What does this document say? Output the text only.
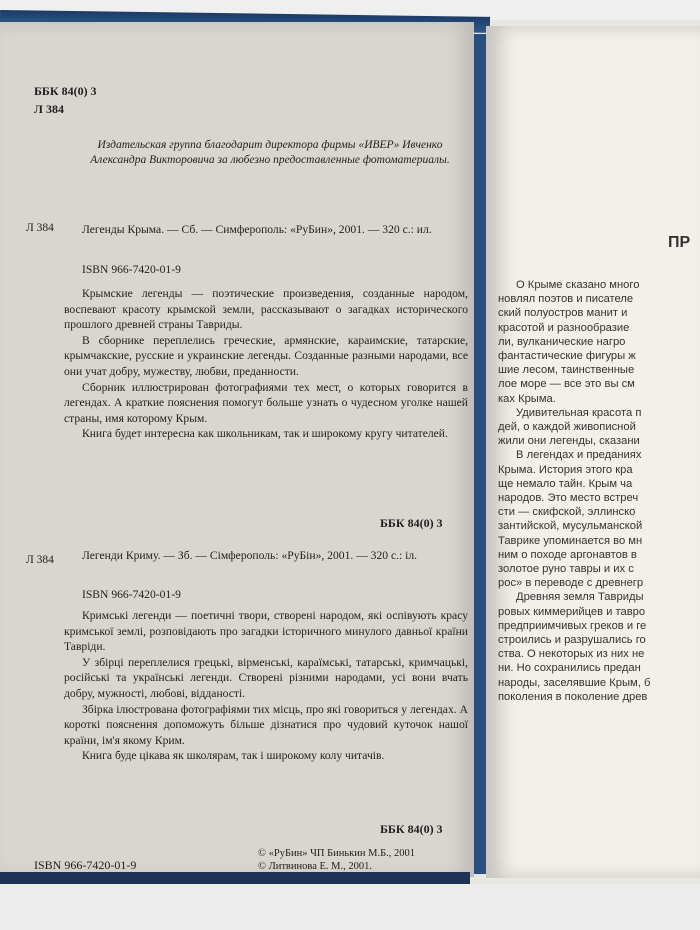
ББК 84(0) 3

Л 384

Издательская группа благодарит директора фирмы «ИВЕР» Ивченко Александра Викторовича за любезно предоставленные фотоматериалы.

Л 384 Легенды Крыма. — Сб. — Симферополь: «РуБин», 2001. — 320 с.: ил.

ISBN 966-7420-01-9

Крымские легенды — поэтические произведения, созданные народом, воспевают красоту крымской земли, рассказывают о загадках исторического прошлого древней страны Тавриды.

В сборнике переплелись греческие, армянские, караимские, татарские, крымчакские, русские и украинские легенды. Созданные разными народами, все они учат добру, мужеству, любви, преданности.

Сборник иллюстрирован фотографиями тех мест, о которых говорится в легендах. А краткие пояснения помогут больше узнать о чудесном уголке нашей страны, имя которому Крым.

Книга будет интересна как школьникам, так и широкому кругу читателей.

ББК 84(0) 3

Л 384 Легенди Криму. — Зб. — Сімферополь: «РуБін», 2001. — 320 с.: іл.

ISBN 966-7420-01-9

Кримські легенди — поетичні твори, створені народом, які оспівують красу кримської землі, розповідають про загадки історичного минулого давньої країни Тавріди.

У збірці переплелися грецькі, вірменські, караїмські, татарські, кримчацькі, російські та українські легенди. Створені різними народами, усі вони вчать добру, мужності, любові, вiдданості.

Збірка ілюстрована фотографіями тих місць, про які говориться у легендах. А короткі пояснення допоможуть більше дізнатися про чудовий куточок нашої країни, ім'я якому Крим.

Книга буде цікава як школярам, так і широкому колу читачів.

ББК 84(0) 3

© «РуБин» ЧП Бинькин М.Б., 2001
© Литвинова Е. М., 2001.

ISBN 966-7420-01-9

ПР

О Крыме сказано много
новлял поэтов и писателе
ский полуостров манит и
красотой и разнообразие
ли, вулканические нагро
фантастические фигуры ж
шие лесом, таинственные
лое море — все это вы см
ках Крыма.
Удивительная красота п
дей, о каждой живописной
жили они легенды, сказани
В легендах и преданиях
Крыма. История этого кра
ще немало тайн. Крым ча
народов. Это место встреч
сти — скифской, эллинско
зантийской, мусульманской
Таврике упоминается во мн
ним о походе аргонавтов в
золотое руно тавры и их с
рос» в переводе с древнегр
Древняя земля Тавриды
ровых киммерийцев и тавро
предприимчивых греков и ге
строились и разрушались го
ства. О некоторых из них не
ни. Но сохранились предан
народы, заселявшие Крым, б
поколения в поколение древ
